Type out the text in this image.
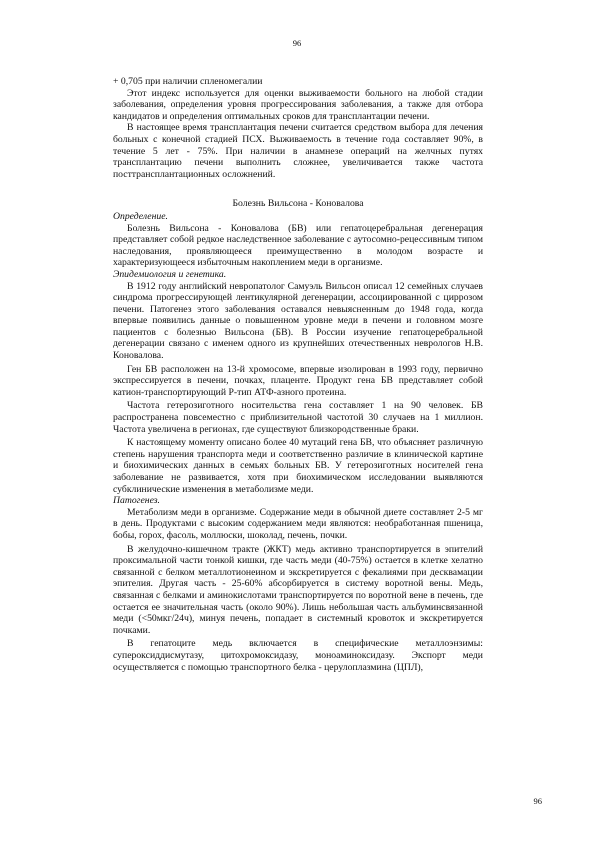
96

+ 0,705 при наличии спленомегалии

Этот индекс используется для оценки выживаемости больного на любой стадии заболевания, определения уровня прогрессирования заболевания, а также для отбора кандидатов и определения оптимальных сроков для трансплантации печени.

В настоящее время трансплантация печени считается средством выбора для лечения больных с конечной стадией ПСХ. Выживаемость в течение года составляет 90%, в течение 5 лет - 75%. При наличии в анамнезе операций на желчных путях трансплантацию печени выполнить сложнее, увеличивается также частота посттрансплантационных осложнений.

Болезнь Вильсона - Коновалова

Определение.

Болезнь Вильсона - Коновалова (БВ) или гепатоцеребральная дегенерация представляет собой редкое наследственное заболевание с аутосомно-рецессивным типом наследования, проявляющееся преимущественно в молодом возрасте и характеризующееся избыточным накоплением меди в организме.

Эпидемиология и генетика.

В 1912 году английский невропатолог Самуэль Вильсон описал 12 семейных случаев синдрома прогрессирующей лентикулярной дегенерации, ассоциированной с циррозом печени. Патогенез этого заболевания оставался невыясненным до 1948 года, когда впервые появились данные о повышенном уровне меди в печени и головном мозге пациентов с болезнью Вильсона (БВ). В России изучение гепатоцеребральной дегенерации связано с именем одного из крупнейших отечественных неврологов Н.В. Коновалова.

Ген БВ расположен на 13-й хромосоме, впервые изолирован в 1993 году, первично экспрессируется в печени, почках, плаценте. Продукт гена БВ представляет собой катион-транспортирующий Р-тип АТФ-азного протеина.

Частота гетерозиготного носительства гена составляет 1 на 90 человек. БВ распространена повсеместно с приблизительной частотой 30 случаев на 1 миллион. Частота увеличена в регионах, где существуют близкородственные браки.

К настоящему моменту описано более 40 мутаций гена БВ, что объясняет различную степень нарушения транспорта меди и соответственно различие в клинической картине и биохимических данных в семьях больных БВ. У гетерозиготных носителей гена заболевание не развивается, хотя при биохимическом исследовании выявляются субклинические изменения в метаболизме меди.

Патогенез.

Метаболизм меди в организме. Содержание меди в обычной диете составляет 2-5 мг в день. Продуктами с высоким содержанием меди являются: необработанная пшеница, бобы, горох, фасоль, моллюски, шоколад, печень, почки.

В желудочно-кишечном тракте (ЖКТ) медь активно транспортируется в эпителий проксимальной части тонкой кишки, где часть меди (40-75%) остается в клетке хелатно связанной с белком металлотионеином и экскретируется с фекалиями при десквамации эпителия. Другая часть - 25-60% абсорбируется в систему воротной вены. Медь, связанная с белками и аминокислотами транспортируется по воротной вене в печень, где остается ее значительная часть (около 90%). Лишь небольшая часть альбуминсвязанной меди (<50мкг/24ч), минуя печень, попадает в системный кровоток и экскретируется почками.

В гепатоците медь включается в специфические металлоэнзимы: супероксиддисмутазу, цитохромоксидазу, моноаминоксидазу. Экспорт меди осуществляется с помощью транспортного белка - церулоплазмина (ЦПЛ),

96
